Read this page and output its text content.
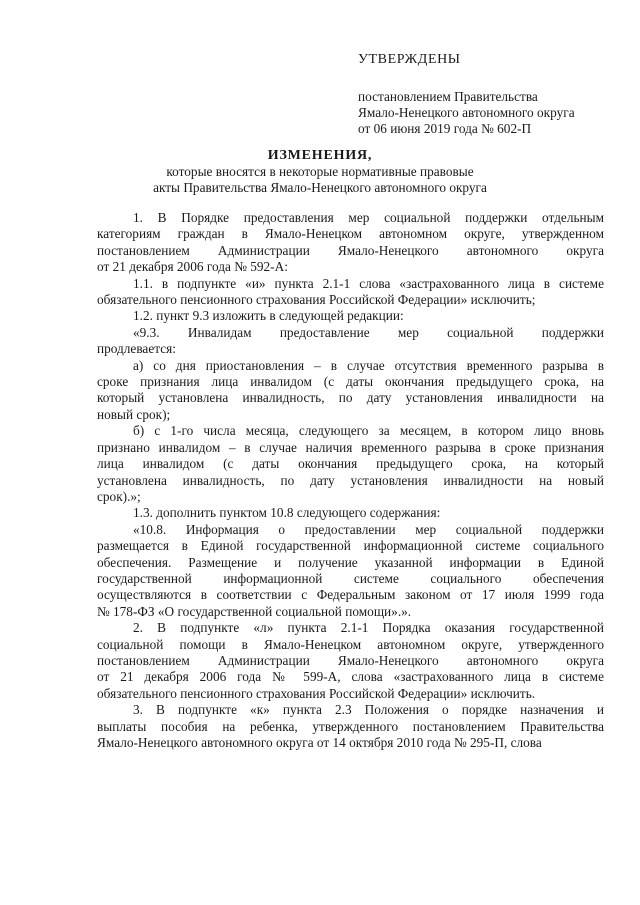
УТВЕРЖДЕНЫ
постановлением Правительства
Ямало-Ненецкого автономного округа
от 06 июня 2019 года № 602-П
ИЗМЕНЕНИЯ,
которые вносятся в некоторые нормативные правовые
акты Правительства Ямало-Ненецкого автономного округа
1. В Порядке предоставления мер социальной поддержки отдельным
категориям граждан в Ямало-Ненецком автономном округе, утвержденном
постановлением Администрации Ямало-Ненецкого автономного округа
от 21 декабря 2006 года № 592-А:
1.1. в подпункте «и» пункта 2.1-1 слова «застрахованного лица в системе
обязательного пенсионного страхования Российской Федерации» исключить;
1.2. пункт 9.3 изложить в следующей редакции:
«9.3. Инвалидам предоставление мер социальной поддержки
продлевается:
а) со дня приостановления – в случае отсутствия временного разрыва в
сроке признания лица инвалидом (с даты окончания предыдущего срока, на
который установлена инвалидность, по дату установления инвалидности на
новый срок);
б) с 1-го числа месяца, следующего за месяцем, в котором лицо вновь
признано инвалидом – в случае наличия временного разрыва в сроке признания
лица инвалидом (с даты окончания предыдущего срока, на который
установлена инвалидность, по дату установления инвалидности на новый
срок).»;
1.3. дополнить пунктом 10.8 следующего содержания:
«10.8. Информация о предоставлении мер социальной поддержки
размещается в Единой государственной информационной системе социального
обеспечения. Размещение и получение указанной информации в Единой
государственной информационной системе социального обеспечения
осуществляются в соответствии с Федеральным законом от 17 июля 1999 года
№ 178-ФЗ «О государственной социальной помощи».».
2. В подпункте «л» пункта 2.1-1 Порядка оказания государственной
социальной помощи в Ямало-Ненецком автономном округе, утвержденного
постановлением Администрации Ямало-Ненецкого автономного округа
от 21 декабря 2006 года № 599-А, слова «застрахованного лица в системе
обязательного пенсионного страхования Российской Федерации» исключить.
3. В подпункте «к» пункта 2.3 Положения о порядке назначения и
выплаты пособия на ребенка, утвержденного постановлением Правительства
Ямало-Ненецкого автономного округа от 14 октября 2010 года № 295-П, слова
